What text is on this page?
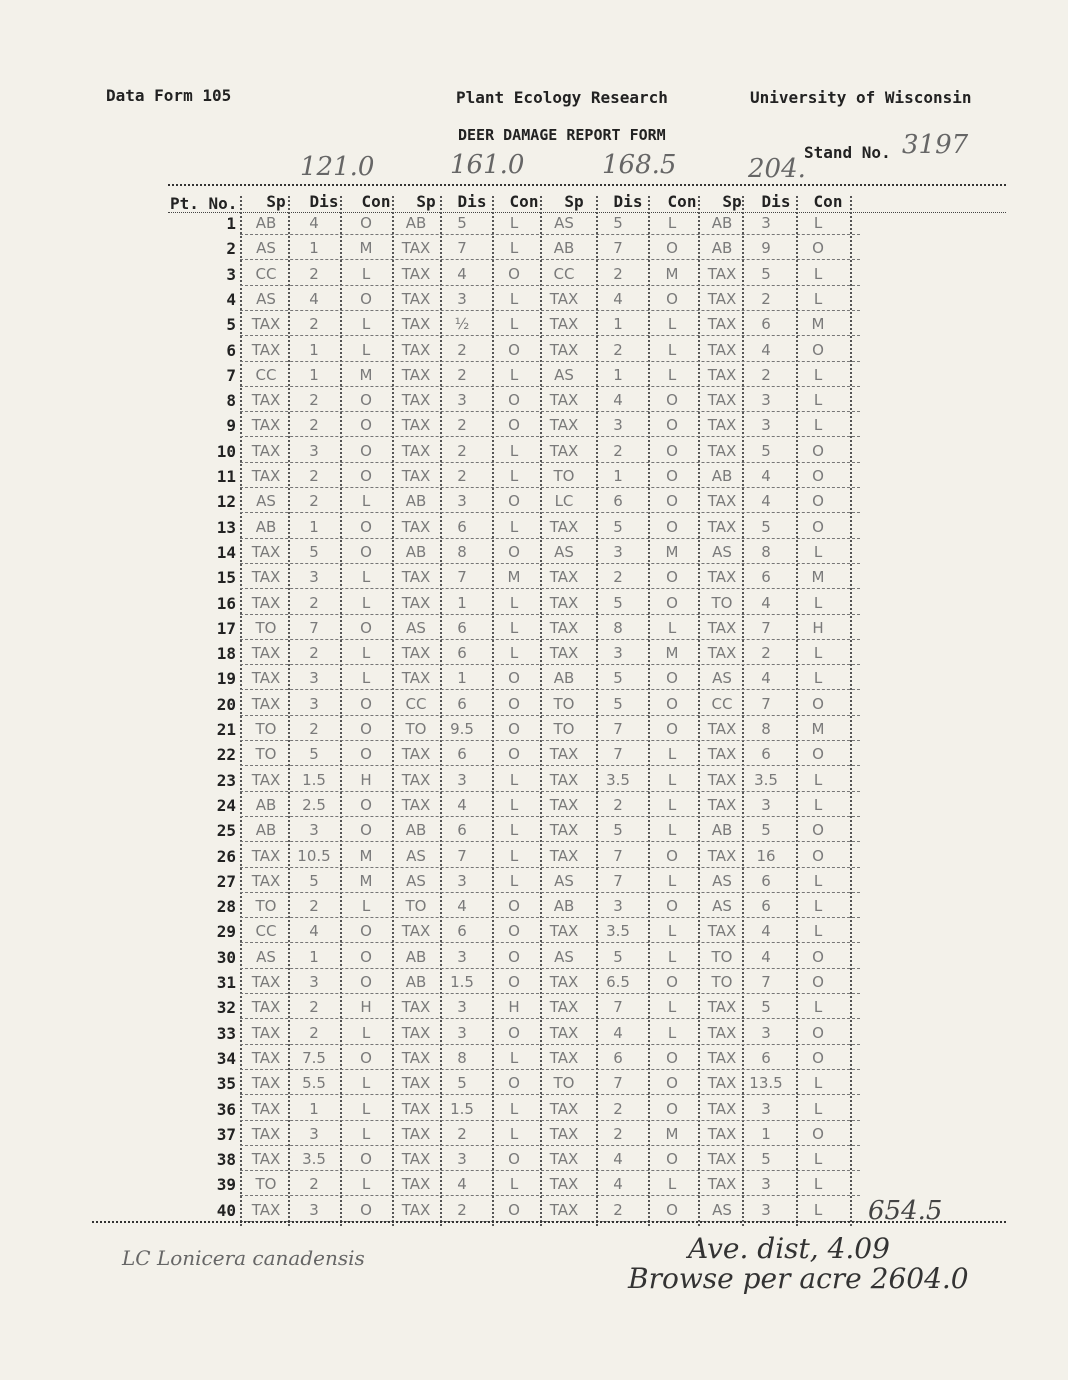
Data Form 105	Plant Ecology Research	University of Wisconsin
DEER DAMAGE REPORT FORM
Stand No. 3197
121.0	161.0	168.5	204.
Pt. No.	Sp	Dis	Con	Sp	Dis	Con	Sp	Dis	Con	Sp	Dis	Con
1	AB	4	O	AB	5	L	AS	5	L	AB	3	L
2	AS	1	M	TAX	7	L	AB	7	O	AB	9	O
3	CC	2	L	TAX	4	O	CC	2	M	TAX	5	L
4	AS	4	O	TAX	3	L	TAX	4	O	TAX	2	L
5	TAX	2	L	TAX	½	L	TAX	1	L	TAX	6	M
6	TAX	1	L	TAX	2	O	TAX	2	L	TAX	4	O
7	CC	1	M	TAX	2	L	AS	1	L	TAX	2	L
8	TAX	2	O	TAX	3	O	TAX	4	O	TAX	3	L
9	TAX	2	O	TAX	2	O	TAX	3	O	TAX	3	L
10	TAX	3	O	TAX	2	L	TAX	2	O	TAX	5	O
11	TAX	2	O	TAX	2	L	TO	1	O	AB	4	O
12	AS	2	L	AB	3	O	LC	6	O	TAX	4	O
13	AB	1	O	TAX	6	L	TAX	5	O	TAX	5	O
14	TAX	5	O	AB	8	O	AS	3	M	AS	8	L
15	TAX	3	L	TAX	7	M	TAX	2	O	TAX	6	M
16	TAX	2	L	TAX	1	L	TAX	5	O	TO	4	L
17	TO	7	O	AS	6	L	TAX	8	L	TAX	7	H
18	TAX	2	L	TAX	6	L	TAX	3	M	TAX	2	L
19	TAX	3	L	TAX	1	O	AB	5	O	AS	4	L
20	TAX	3	O	CC	6	O	TO	5	O	CC	7	O
21	TO	2	O	TO	9.5	O	TO	7	O	TAX	8	M
22	TO	5	O	TAX	6	O	TAX	7	L	TAX	6	O
23	TAX	1.5	H	TAX	3	L	TAX	3.5	L	TAX	3.5	L
24	AB	2.5	O	TAX	4	L	TAX	2	L	TAX	3	L
25	AB	3	O	AB	6	L	TAX	5	L	AB	5	O
26	TAX	10.5	M	AS	7	L	TAX	7	O	TAX	16	O
27	TAX	5	M	AS	3	L	AS	7	L	AS	6	L
28	TO	2	L	TO	4	O	AB	3	O	AS	6	L
29	CC	4	O	TAX	6	O	TAX	3.5	L	TAX	4	L
30	AS	1	O	AB	3	O	AS	5	L	TO	4	O
31	TAX	3	O	AB	1.5	O	TAX	6.5	O	TO	7	O
32	TAX	2	H	TAX	3	H	TAX	7	L	TAX	5	L
33	TAX	2	L	TAX	3	O	TAX	4	L	TAX	3	O
34	TAX	7.5	O	TAX	8	L	TAX	6	O	TAX	6	O
35	TAX	5.5	L	TAX	5	O	TO	7	O	TAX 13.5	L
36	TAX	1	L	TAX	1.5	L	TAX	2	O	TAX	3	L
37	TAX	3	L	TAX	2	L	TAX	2	M	TAX	1	O
38	TAX	3.5	O	TAX	3	O	TAX	4	O	TAX	5	L
39	TO	2	L	TAX	4	L	TAX	4	L	TAX	3	L
40	TAX	3	O	TAX	2	O	TAX	2	O	AS	3	L	654.5
LC Lonicera canadensis	Ave. dist, 4.09
Browse per acre 2604.0
